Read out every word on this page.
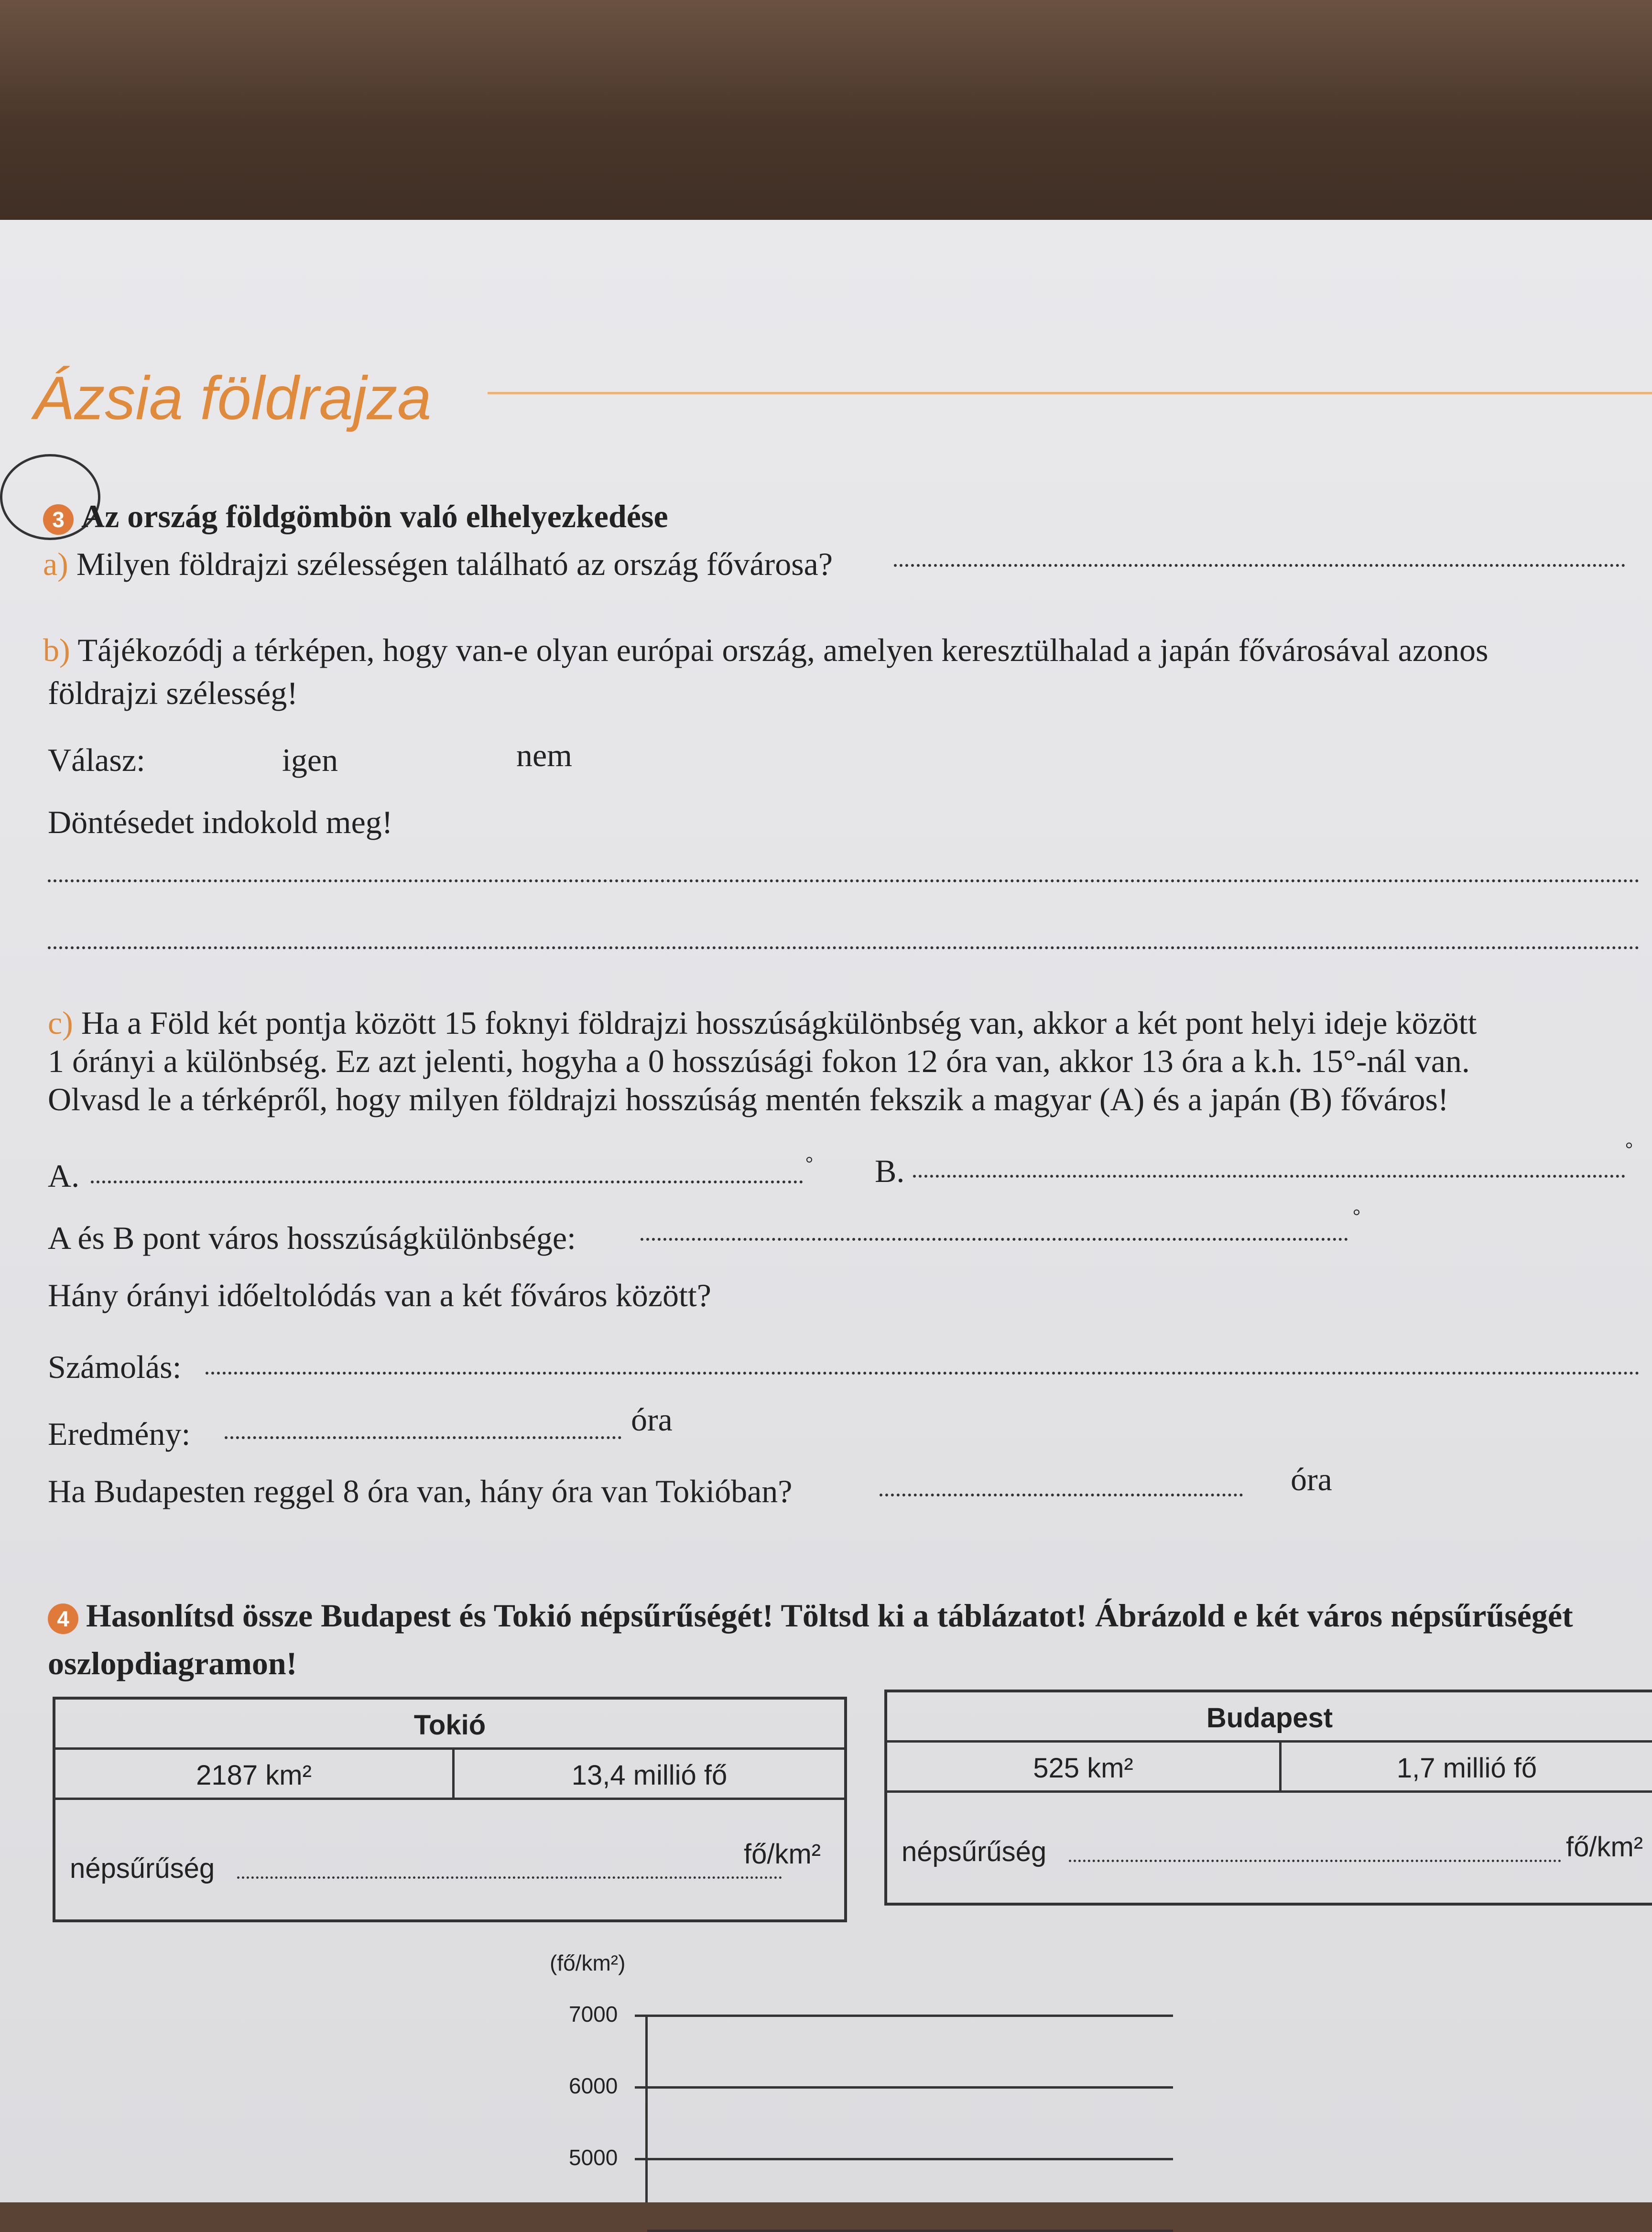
Ázsia földrajza
3 Az ország földgömbön való elhelyezkedése
a) Milyen földrajzi szélességen található az ország fővárosa?
b) Tájékozódj a térképen, hogy van-e olyan európai ország, amelyen keresztülhalad a japán fővárosával azonos
földrajzi szélesség!
Válasz:	igen	nem
Döntésedet indokold meg!
c) Ha a Föld két pontja között 15 foknyi földrajzi hosszúságkülönbség van, akkor a két pont helyi ideje között
1 órányi a különbség. Ez azt jelenti, hogyha a 0 hosszúsági fokon 12 óra van, akkor 13 óra a k.h. 15°-nál van.
Olvasd le a térképről, hogy milyen földrajzi hosszúság mentén fekszik a magyar (A) és a japán (B) főváros!
A.	° B.
°
A és B pont város hosszúságkülönbsége:
°
Hány órányi időeltolódás van a két főváros között?
Számolás:
Eredmény:	óra
Ha Budapesten reggel 8 óra van, hány óra van Tokióban?	óra
4 Hasonlítsd össze Budapest és Tokió népsűrűségét! Töltsd ki a táblázatot! Ábrázold e két város népsűrűségét
oszlopdiagramon!
Tokió
2187 km²	13,4 millió fő
népsűrűség	fő/km²
Budapest
525 km²	1,7 millió fő
népsűrűség	fő/km²
(fő/km²)
7000
6000
5000
